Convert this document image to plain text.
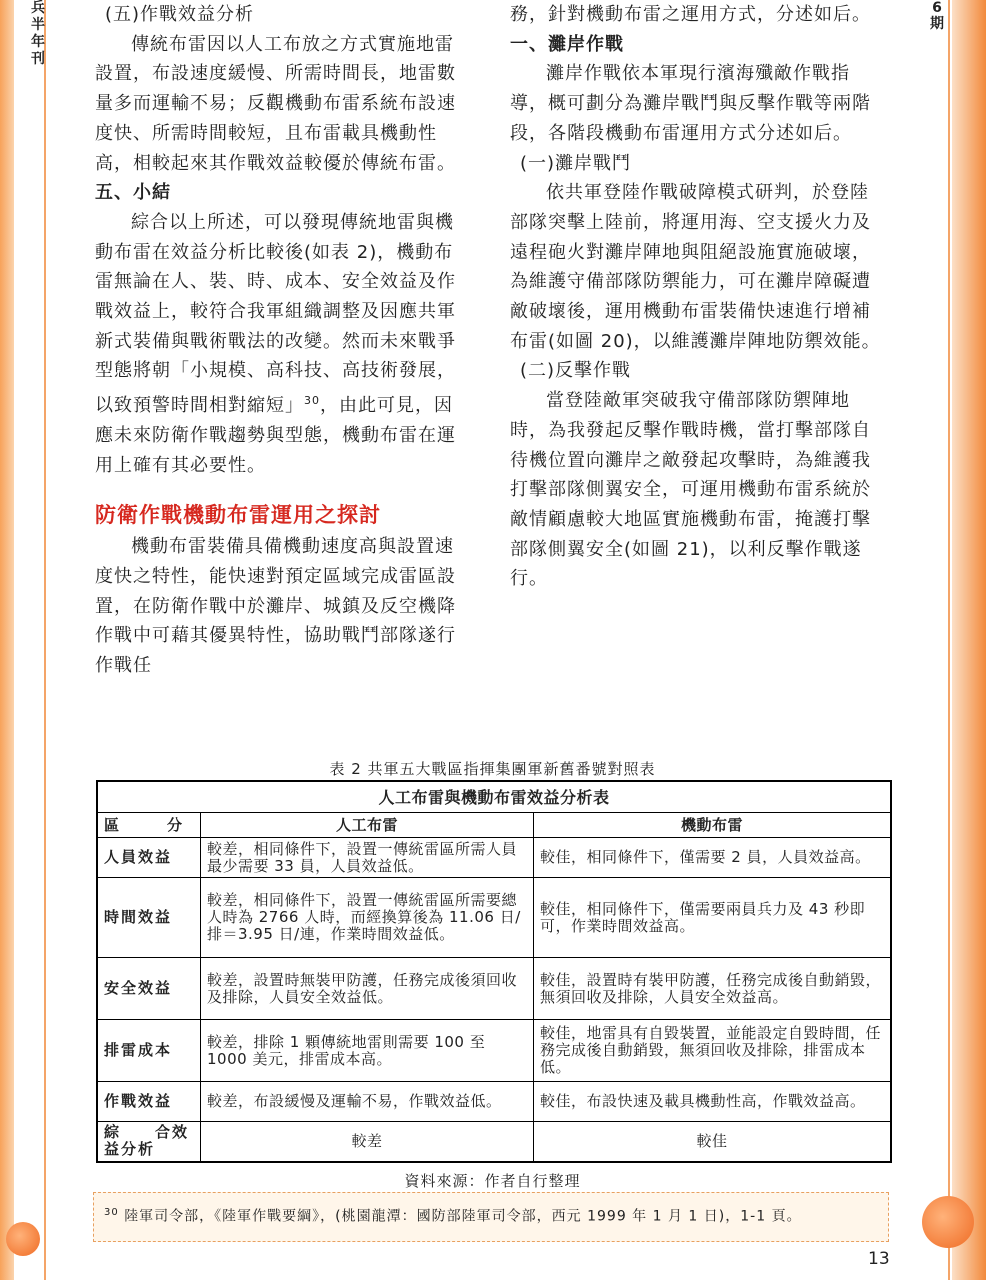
兵半年刊
6期

(五)作戰效益分析

傳統布雷因以人工布放之方式實施地雷設置，布設速度緩慢、所需時間長，地雷數量多而運輸不易；反觀機動布雷系統布設速度快、所需時間較短，且布雷載具機動性高，相較起來其作戰效益較優於傳統布雷。

五、小結

綜合以上所述，可以發現傳統地雷與機動布雷在效益分析比較後(如表 2)，機動布雷無論在人、裝、時、成本、安全效益及作戰效益上，較符合我軍組織調整及因應共軍新式裝備與戰術戰法的改變。然而未來戰爭型態將朝「小規模、高科技、高技術發展，以致預警時間相對縮短」$^{30}$，由此可見，因應未來防衛作戰趨勢與型態，機動布雷在運用上確有其必要性。

防衛作戰機動布雷運用之探討

機動布雷裝備具備機動速度高與設置速度快之特性，能快速對預定區域完成雷區設置，在防衛作戰中於灘岸、城鎮及反空機降作戰中可藉其優異特性，協助戰鬥部隊遂行作戰任

務，針對機動布雷之運用方式，分述如后。

一、灘岸作戰

灘岸作戰依本軍現行濱海殲敵作戰指導，概可劃分為灘岸戰鬥與反擊作戰等兩階段，各階段機動布雷運用方式分述如后。

(一)灘岸戰鬥

依共軍登陸作戰破障模式研判，於登陸部隊突擊上陸前，將運用海、空支援火力及遠程砲火對灘岸陣地與阻絕設施實施破壞，為維護守備部隊防禦能力，可在灘岸障礙遭敵破壞後，運用機動布雷裝備快速進行增補布雷(如圖 20)，以維護灘岸陣地防禦效能。

(二)反擊作戰

當登陸敵軍突破我守備部隊防禦陣地時，為我發起反擊作戰時機，當打擊部隊自待機位置向灘岸之敵發起攻擊時，為維護我打擊部隊側翼安全，可運用機動布雷系統於敵情顧慮較大地區實施機動布雷，掩護打擊部隊側翼安全(如圖 21)，以利反擊作戰遂行。

表 2 共軍五大戰區指揮集團軍新舊番號對照表
人工布雷與機動布雷效益分析表		
區　　分	人工布雷	機動布雷
人員效益	較差，相同條件下，設置一傳統雷區所需人員最少需要 33 員，人員效益低。	較佳，相同條件下，僅需要 2 員，人員效益高。
時間效益	較差，相同條件下，設置一傳統雷區所需要總人時為 2766 人時，而經換算後為 11.06 日/排＝3.95 日/連，作業時間效益低。	較佳，相同條件下，僅需要兩員兵力及 43 秒即可，作業時間效益高。
安全效益	較差，設置時無裝甲防護，任務完成後須回收及排除，人員安全效益低。	較佳，設置時有裝甲防護，任務完成後自動銷毀，無須回收及排除，人員安全效益高。
排雷成本	較差，排除 1 顆傳統地雷則需要 100 至 1000 美元，排雷成本高。	較佳，地雷具有自毀裝置，並能設定自毀時間，任務完成後自動銷毀，無須回收及排除，排雷成本低。
作戰效益	較差，布設緩慢及運輸不易，作戰效益低。	較佳，布設快速及載具機動性高，作戰效益高。
綜　　合效益分析	較差	較佳
資料來源：作者自行整理
$^{30}$ 陸軍司令部，《陸軍作戰要綱》，(桃園龍潭：國防部陸軍司令部，西元 1999 年 1 月 1 日)，1-1 頁。
13
